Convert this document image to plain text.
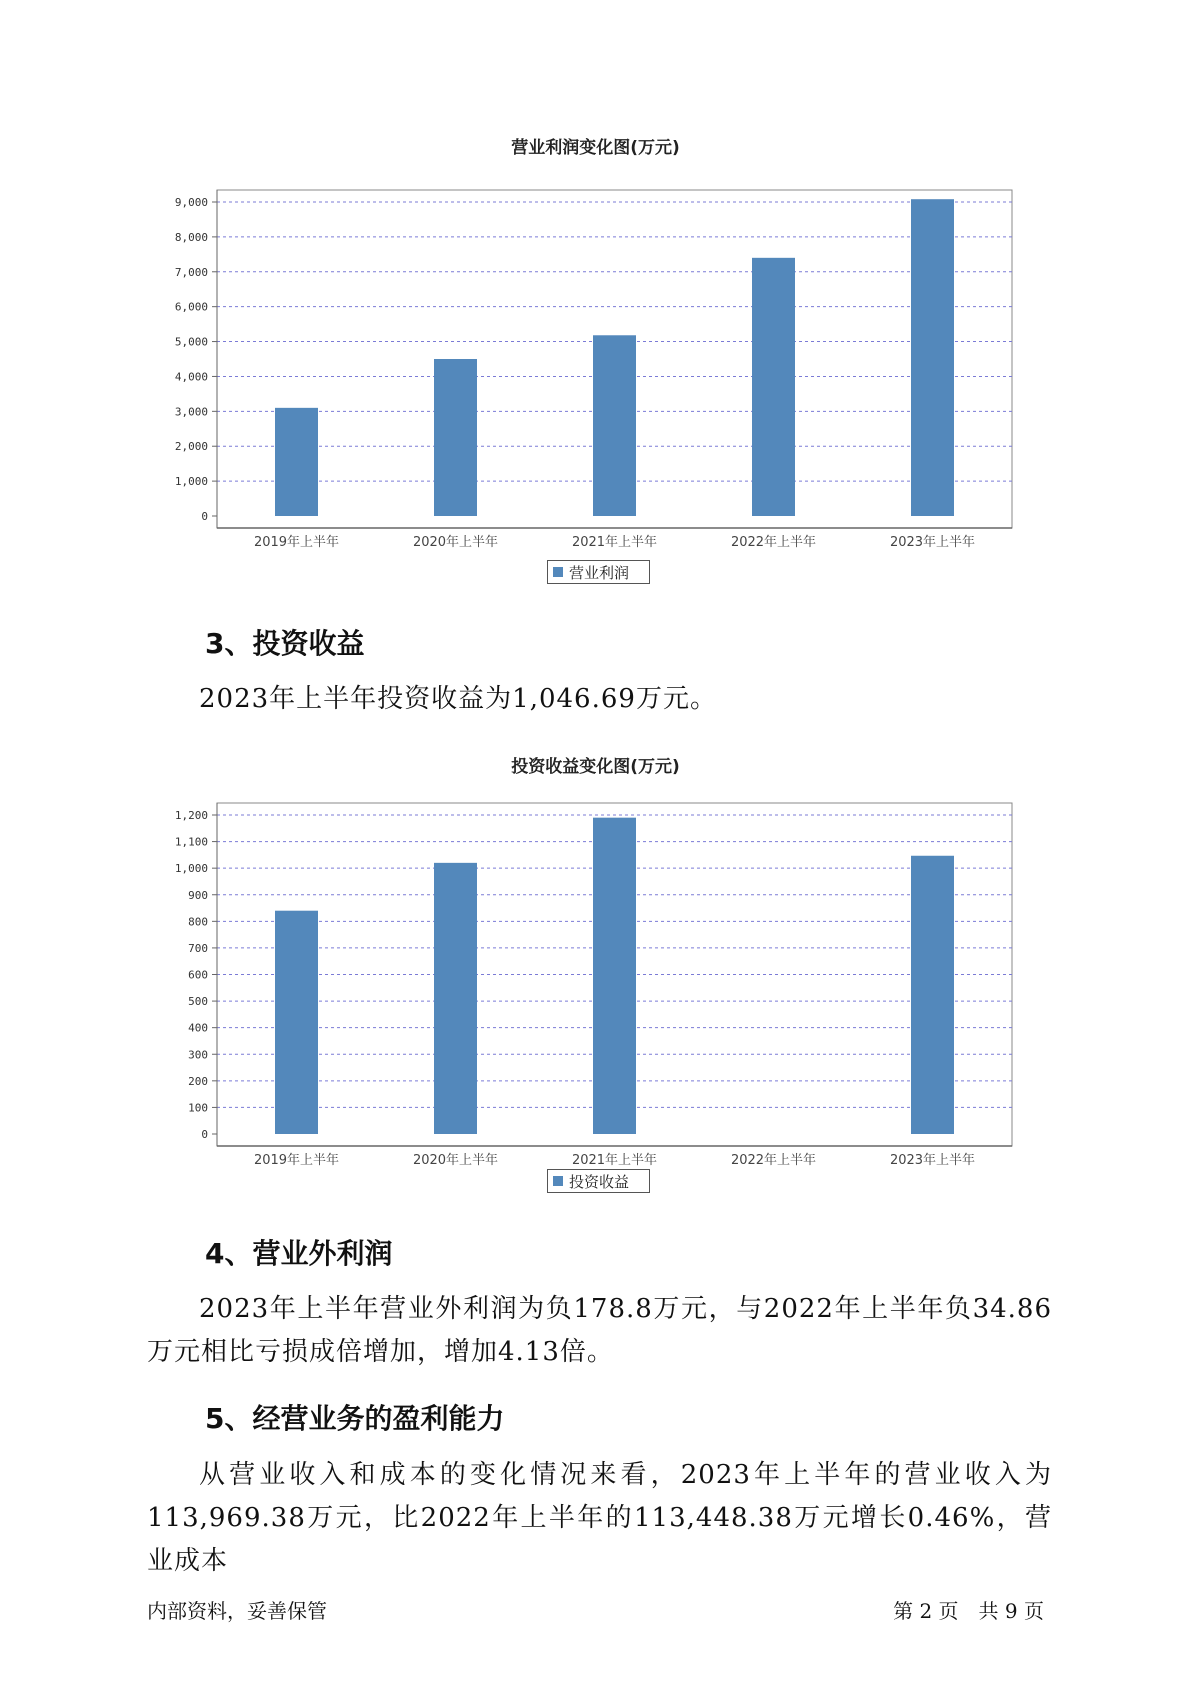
营业利润变化图(万元)
0
1,000
2,000
3,000
4,000
5,000
6,000
7,000
8,000
9,000
2019年上半年	2020年上半年	2021年上半年	2022年上半年	2023年上半年
营业利润
3、投资收益

2023年上半年投资收益为1,046.69万元。

投资收益变化图(万元)
0
100
200
300
400
500
600
700
800
900
1,000
1,100
1,200
2019年上半年	2020年上半年	2021年上半年	2022年上半年	2023年上半年
投资收益
4、营业外利润

2023年上半年营业外利润为负178.8万元，与2022年上半年负34.86万元相比亏损成倍增加，增加4.13倍。

5、经营业务的盈利能力

从营业收入和成本的变化情况来看，2023年上半年的营业收入为113,969.38万元，比2022年上半年的113,448.38万元增长0.46%，营业成本

内部资料，妥善保管	第 2 页　共 9 页
